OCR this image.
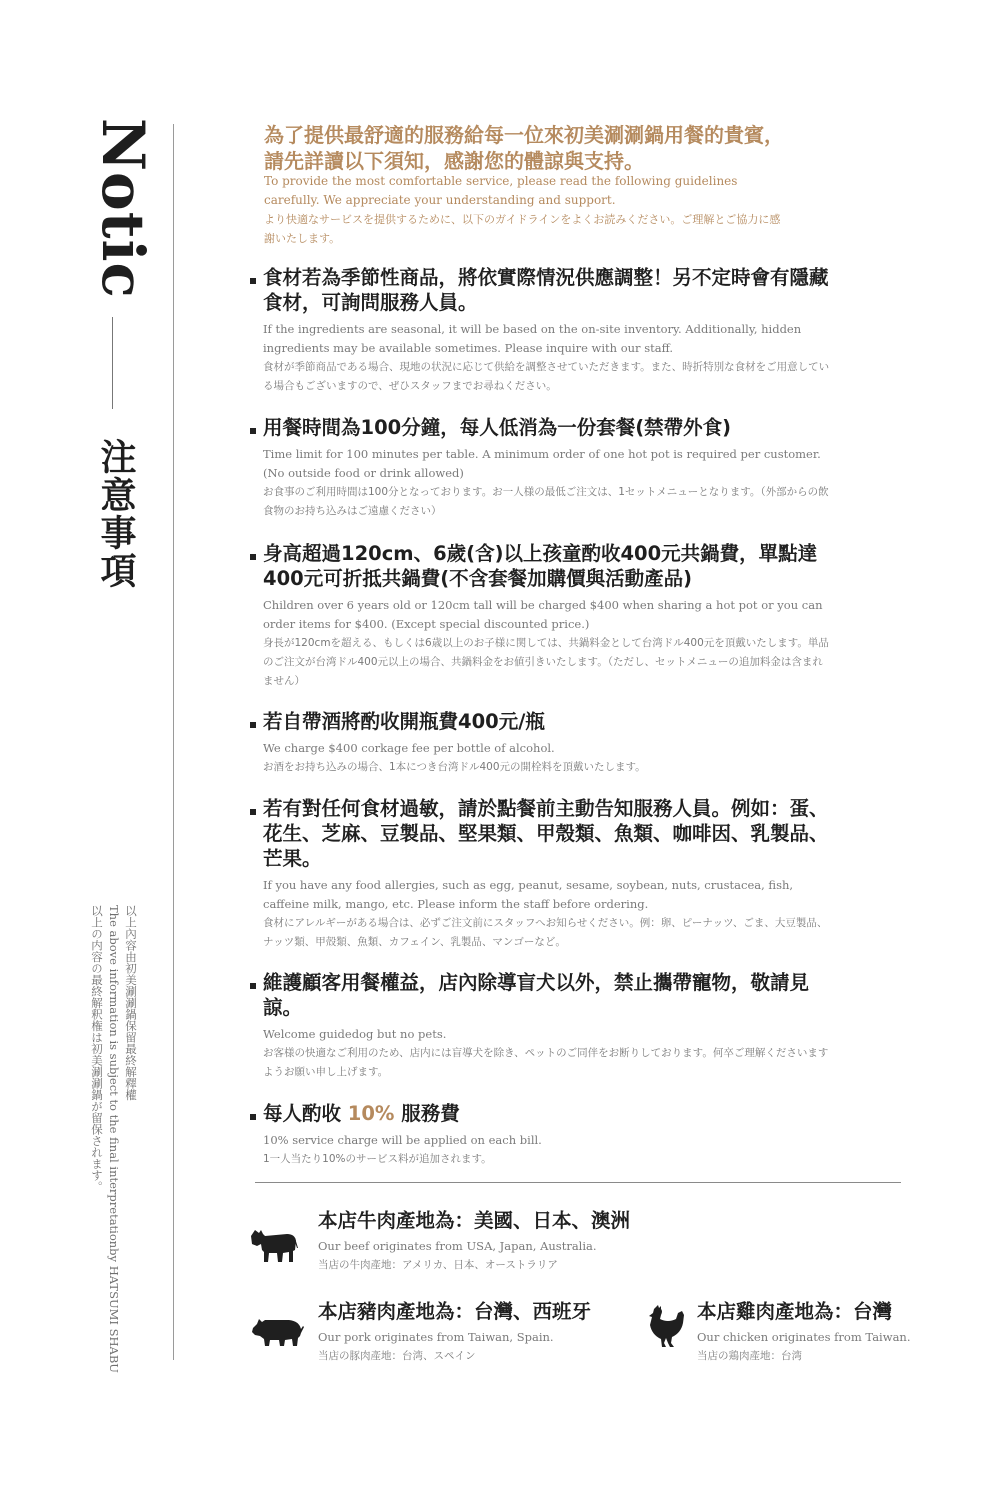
Notic
注意事項
以上內容由初美涮涮鍋保留最終解釋權
The above information is subject to the final interpretationby HATSUMI SHABU
以上の内容の最終解釈権は初美涮涮鍋が留保されます。
為了提供最舒適的服務給每一位來初美涮涮鍋用餐的貴賓，請先詳讀以下須知，感謝您的體諒與支持。
To provide the most comfortable service, please read the following guidelines carefully. We appreciate your understanding and support.
より快適なサービスを提供するために、以下のガイドラインをよくお読みください。ご理解とご協力に感謝いたします。
食材若為季節性商品，將依實際情況供應調整！另不定時會有隱藏食材，可詢問服務人員。
If the ingredients are seasonal, it will be based on the on-site inventory. Additionally, hidden ingredients may be available sometimes. Please inquire with our staff.
食材が季節商品である場合、現地の状況に応じて供給を調整させていただきます。また、時折特別な食材をご用意している場合もございますので、ぜひスタッフまでお尋ねください。
用餐時間為100分鐘，每人低消為一份套餐(禁帶外食)
Time limit for 100 minutes per table. A minimum order of one hot pot is required per customer. (No outside food or drink allowed)
お食事のご利用時間は100分となっております。お一人様の最低ご注文は、1セットメニューとなります。（外部からの飲食物のお持ち込みはご遠慮ください）
身高超過120cm、6歲(含)以上孩童酌收400元共鍋費，單點達400元可折抵共鍋費(不含套餐加購價與活動產品)
Children over 6 years old or 120cm tall will be charged $400 when sharing a hot pot or you can order items for $400. (Except special discounted price.)
身長が120cmを超える、もしくは6歳以上のお子様に関しては、共鍋料金として台湾ドル400元を頂戴いたします。単品のご注文が台湾ドル400元以上の場合、共鍋料金をお値引きいたします。（ただし、セットメニューの追加料金は含まれません）
若自帶酒將酌收開瓶費400元/瓶
We charge $400 corkage fee per bottle of alcohol.
お酒をお持ち込みの場合、1本につき台湾ドル400元の開栓料を頂戴いたします。
若有對任何食材過敏，請於點餐前主動告知服務人員。例如：蛋、花生、芝麻、豆製品、堅果類、甲殼類、魚類、咖啡因、乳製品、芒果。
If you have any food allergies, such as egg, peanut, sesame, soybean, nuts, crustacea, fish, caffeine milk, mango, etc. Please inform the staff before ordering.
食材にアレルギーがある場合は、必ずご注文前にスタッフへお知らせください。例：卵、ピーナッツ、ごま、大豆製品、ナッツ類、甲殻類、魚類、カフェイン、乳製品、マンゴーなど。
維護顧客用餐權益，店內除導盲犬以外，禁止攜帶寵物，敬請見諒。
Welcome guidedog but no pets.
お客様の快適なご利用のため、店内には盲導犬を除き、ペットのご同伴をお断りしております。何卒ご理解くださいますようお願い申し上げます。
每人酌收 10% 服務費
10% service charge will be applied on each bill.
1一人当たり10%のサービス料が追加されます。
本店牛肉產地為：美國、日本、澳洲
Our beef originates from USA, Japan, Australia.
当店の牛肉產地：アメリカ、日本、オーストラリア
本店豬肉產地為：台灣、西班牙
Our pork originates from Taiwan, Spain.
当店の豚肉產地：台湾、スペイン
本店雞肉產地為：台灣
Our chicken originates from Taiwan.
当店の鶏肉產地：台湾
